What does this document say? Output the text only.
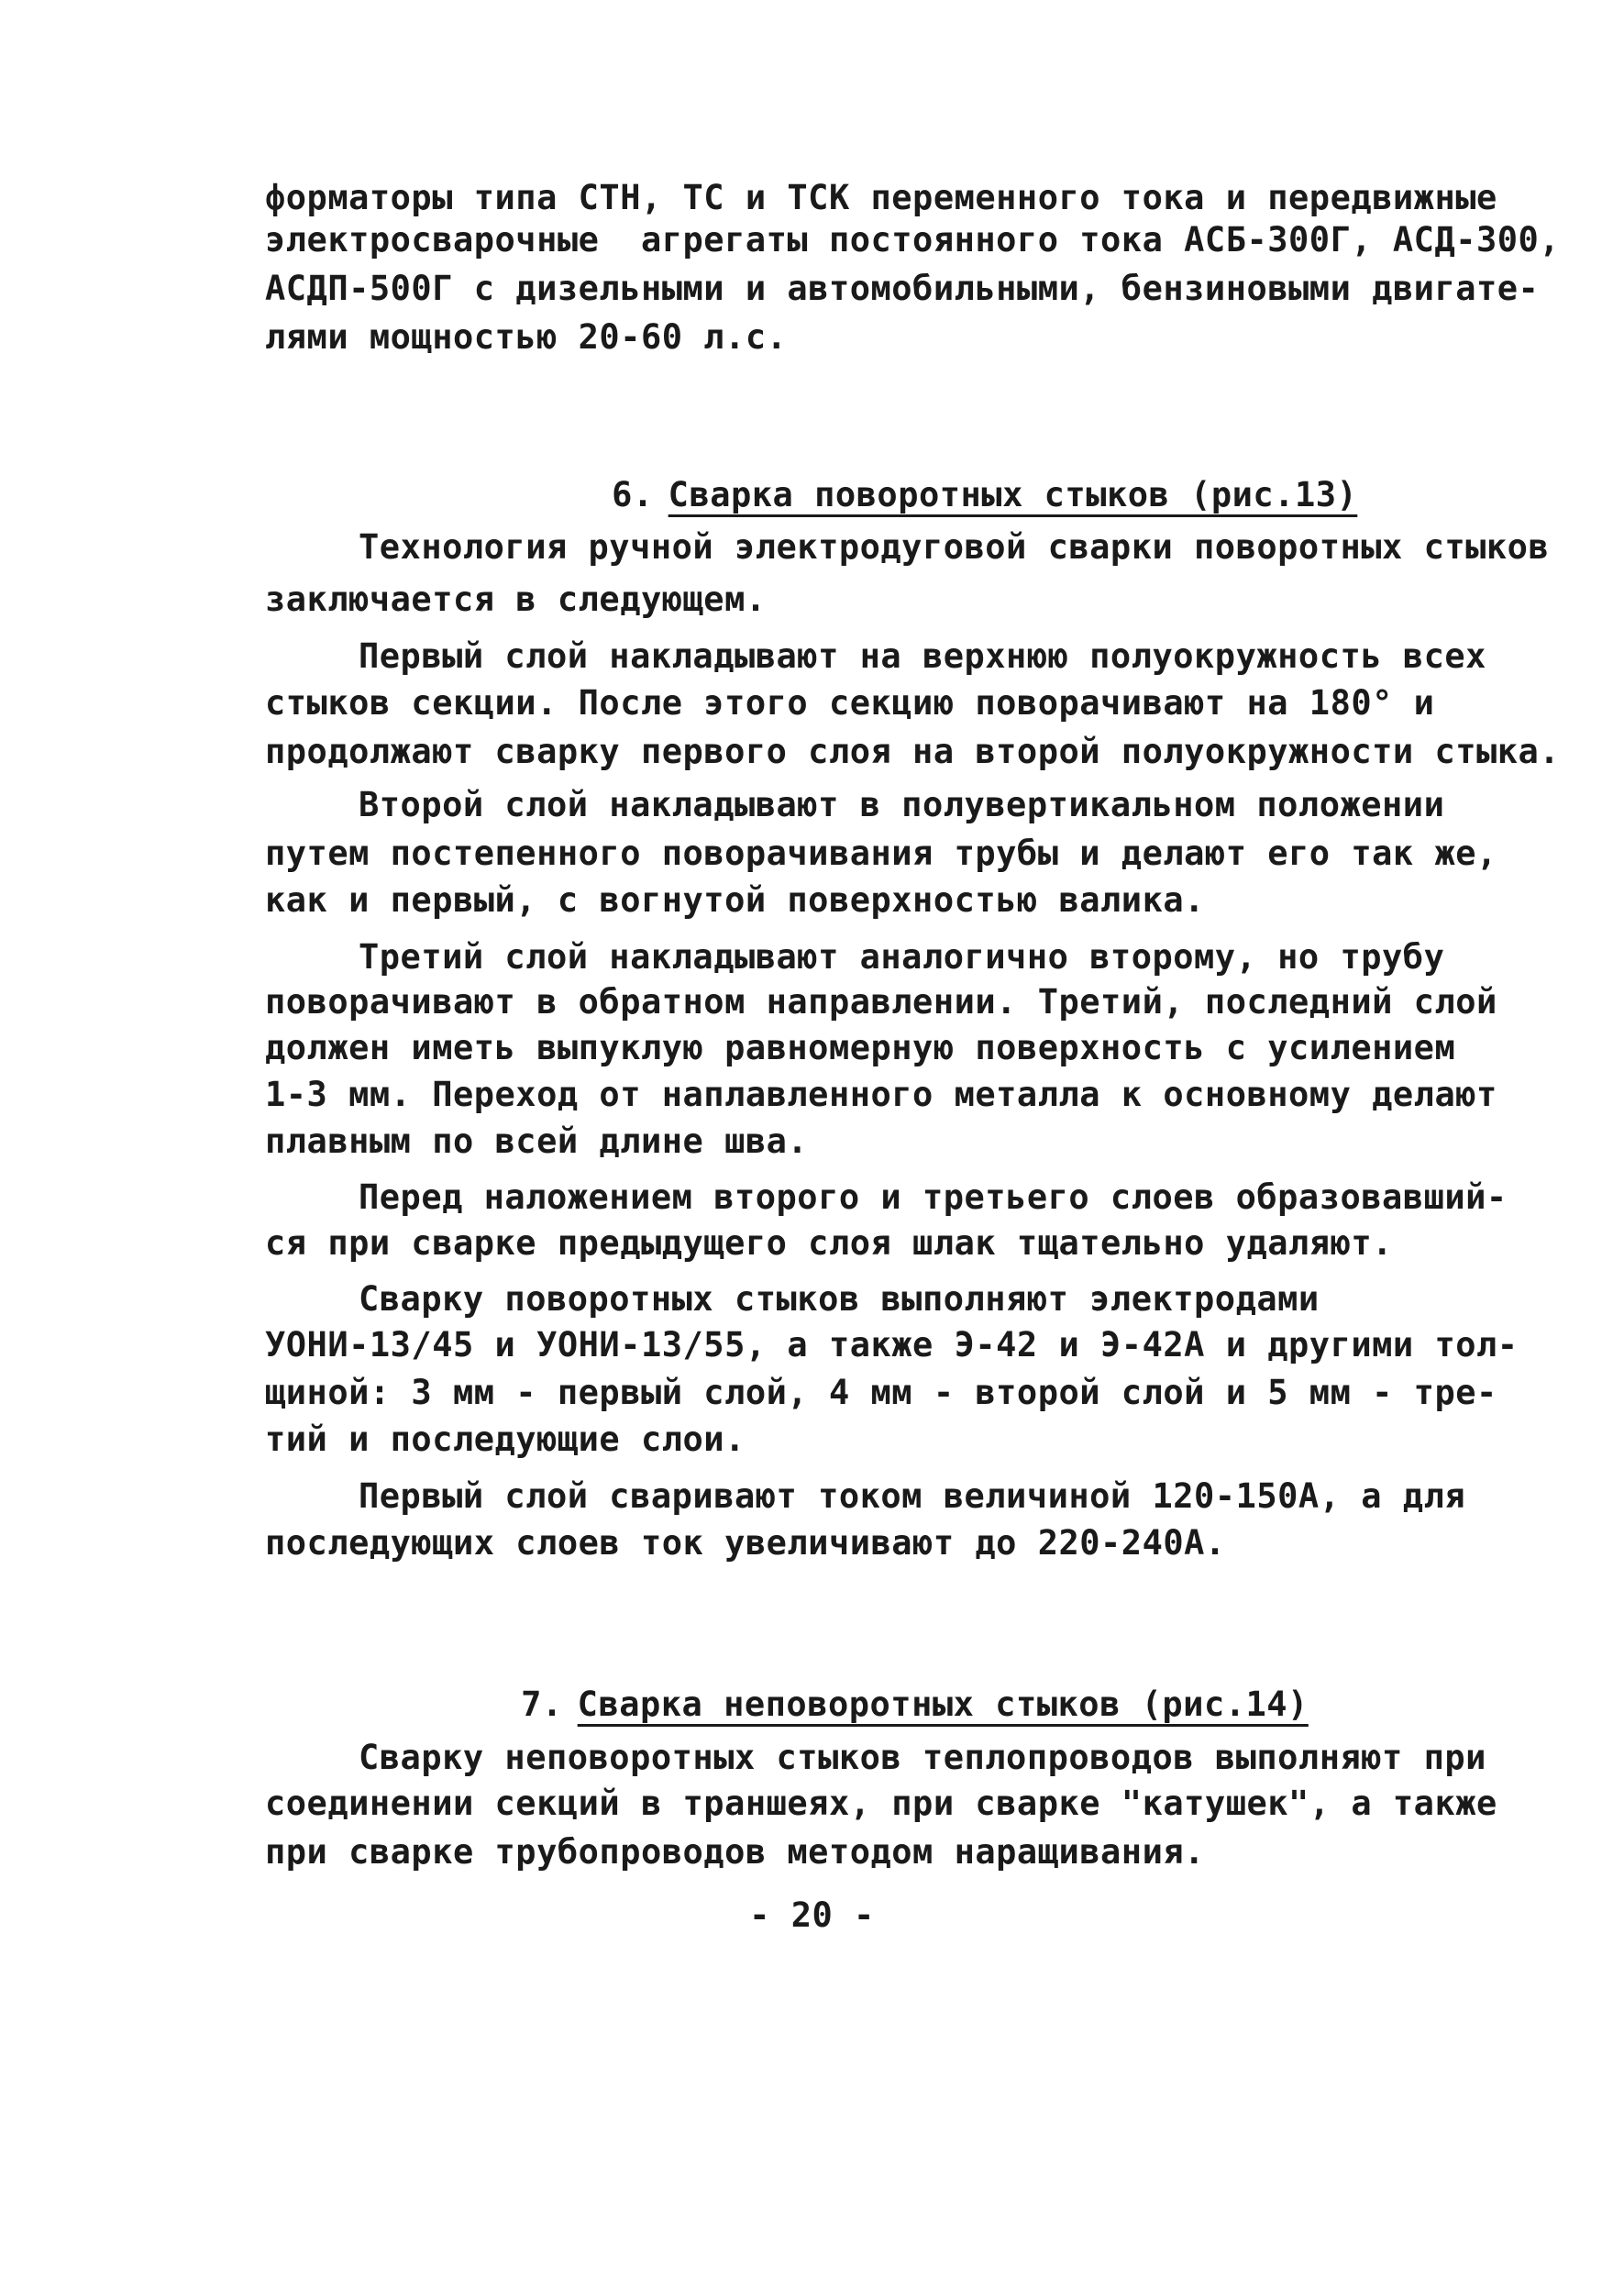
форматоры типа СТН, ТС и ТСК переменного тока и передвижные
электросварочные  агрегаты постоянного тока АСБ-300Г, АСД-300,
АСДП-500Г с дизельными и автомобильными, бензиновыми двигате-
лями мощностью 20-60 л.с.

6. Сварка поворотных стыков (рис.13)

Технология ручной электродуговой сварки поворотных стыков
заключается в следующем.
Первый слой накладывают на верхнюю полуокружность всех
стыков секции. После этого секцию поворачивают на 180° и
продолжают сварку первого слоя на второй полуокружности стыка.
Второй слой накладывают в полувертикальном положении
путем постепенного поворачивания трубы и делают его так же,
как и первый, с вогнутой поверхностью валика.
Третий слой накладывают аналогично второму, но трубу
поворачивают в обратном направлении. Третий, последний слой
должен иметь выпуклую равномерную поверхность с усилением
1-3 мм. Переход от наплавленного металла к основному делают
плавным по всей длине шва.
Перед наложением второго и третьего слоев образовавший-
ся при сварке предыдущего слоя шлак тщательно удаляют.
Сварку поворотных стыков выполняют электродами
УОНИ-13/45 и УОНИ-13/55, а также Э-42 и Э-42А и другими тол-
щиной: 3 мм - первый слой, 4 мм - второй слой и 5 мм - тре-
тий и последующие слои.
Первый слой сваривают током величиной 120-150А, а для
последующих слоев ток увеличивают до 220-240А.

7. Сварка неповоротных стыков (рис.14)

Сварку неповоротных стыков теплопроводов выполняют при
соединении секций в траншеях, при сварке "катушек", а также
при сварке трубопроводов методом наращивания.
- 20 -
